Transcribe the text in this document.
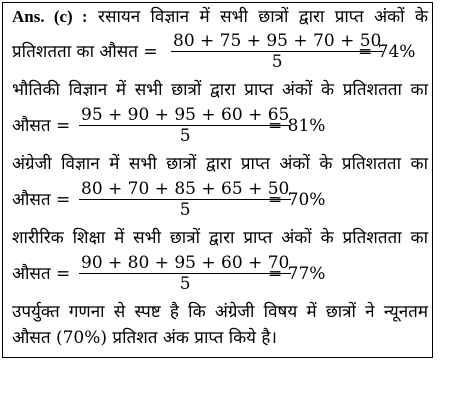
Ans. (c) : रसायन विज्ञान में सभी छात्रों द्वारा प्राप्त अंकों के
प्रतिशतता का औसत = $\frac{80 + 75 + 95 + 70 + 50}{5}$
= 74%
भौतिकी विज्ञान में सभी छात्रों द्वारा प्राप्त अंकों के प्रतिशतता का
औसत = $\frac{95 + 90 + 95 + 60 + 65}{5}$
= 81%
अंग्रेजी विज्ञान में सभी छात्रों द्वारा प्राप्त अंकों के प्रतिशतता का
औसत = $\frac{80 + 70 + 85 + 65 + 50}{5}$
= 70%
शारीरिक शिक्षा में सभी छात्रों द्वारा प्राप्त अंकों के प्रतिशतता का
औसत = $\frac{90 + 80 + 95 + 60 + 70}{5}$
= 77%
उपर्युक्त गणना से स्पष्ट है कि अंग्रेजी विषय में छात्रों ने न्यूनतम
औसत (70%) प्रतिशत अंक प्राप्त किये है।
